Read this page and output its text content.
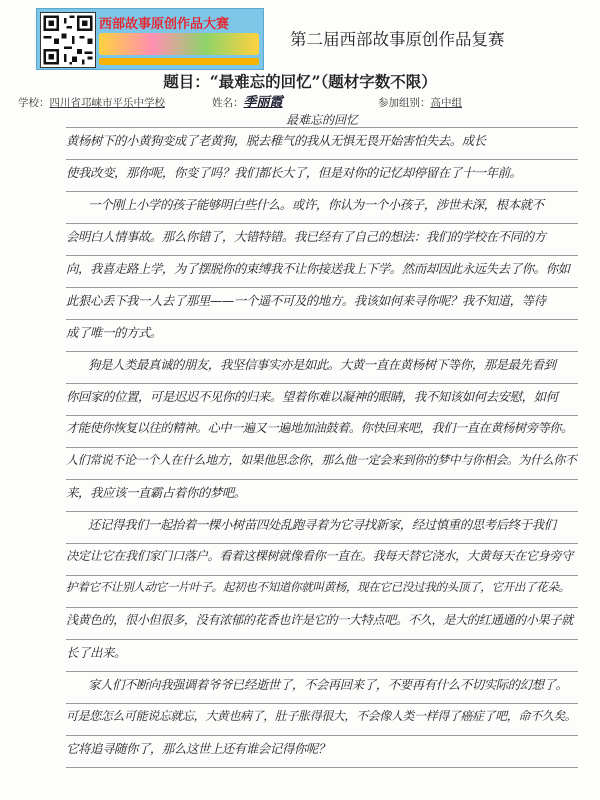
西部故事原创作品大赛
第二届西部故事原创作品复赛
题目：“最难忘的回忆”（题材字数不限）
学校：四川省邛崃市平乐中学校	姓名：季丽霞	参加组别：高中组
最难忘的回忆
黄杨树下的小黄狗变成了老黄狗，脱去稚气的我从无惧无畏开始害怕失去。成长
使我改变，那你呢，你变了吗？我们都长大了，但是对你的记忆却停留在了十一年前。
一个刚上小学的孩子能够明白些什么。或许，你认为一个小孩子，涉世未深，根本就不
会明白人情事故。那么你错了，大错特错。我已经有了自己的想法：我们的学校在不同的方
向，我喜走路上学，为了摆脱你的束缚我不让你接送我上下学。然而却因此永远失去了你。你如
此狠心丢下我一人去了那里——一个遥不可及的地方。我该如何来寻你呢？我不知道，等待
成了唯一的方式。
狗是人类最真诚的朋友，我坚信事实亦是如此。大黄一直在黄杨树下等你，那是最先看到
你回家的位置，可是迟迟不见你的归来。望着你难以凝神的眼睛，我不知该如何去安慰，如何
才能使你恢复以往的精神。心中一遍又一遍地加油鼓着。你快回来吧，我们一直在黄杨树旁等你。
人们常说不论一个人在什么地方，如果他思念你，那么他一定会来到你的梦中与你相会。为什么你不
来，我应该一直霸占着你的梦吧。
还记得我们一起抬着一棵小树苗四处乱跑寻着为它寻找新家，经过慎重的思考后终于我们
决定让它在我们家门口落户。看着这棵树就像看你一直在。我每天替它浇水，大黄每天在它身旁守
护着它不让别人动它一片叶子。起初也不知道你就叫黄杨，现在它已没过我的头顶了，它开出了花朵。
浅黄色的，很小但很多，没有浓郁的花香也许是它的一大特点吧。不久，是大的红通通的小果子就
长了出来。
家人们不断向我强调着爷爷已经逝世了，不会再回来了，不要再有什么不切实际的幻想了。
可是您怎么可能说忘就忘，大黄也病了，肚子胀得很大，不会像人类一样得了癌症了吧，命不久矣。
它将追寻随你了，那么这世上还有谁会记得你呢？
